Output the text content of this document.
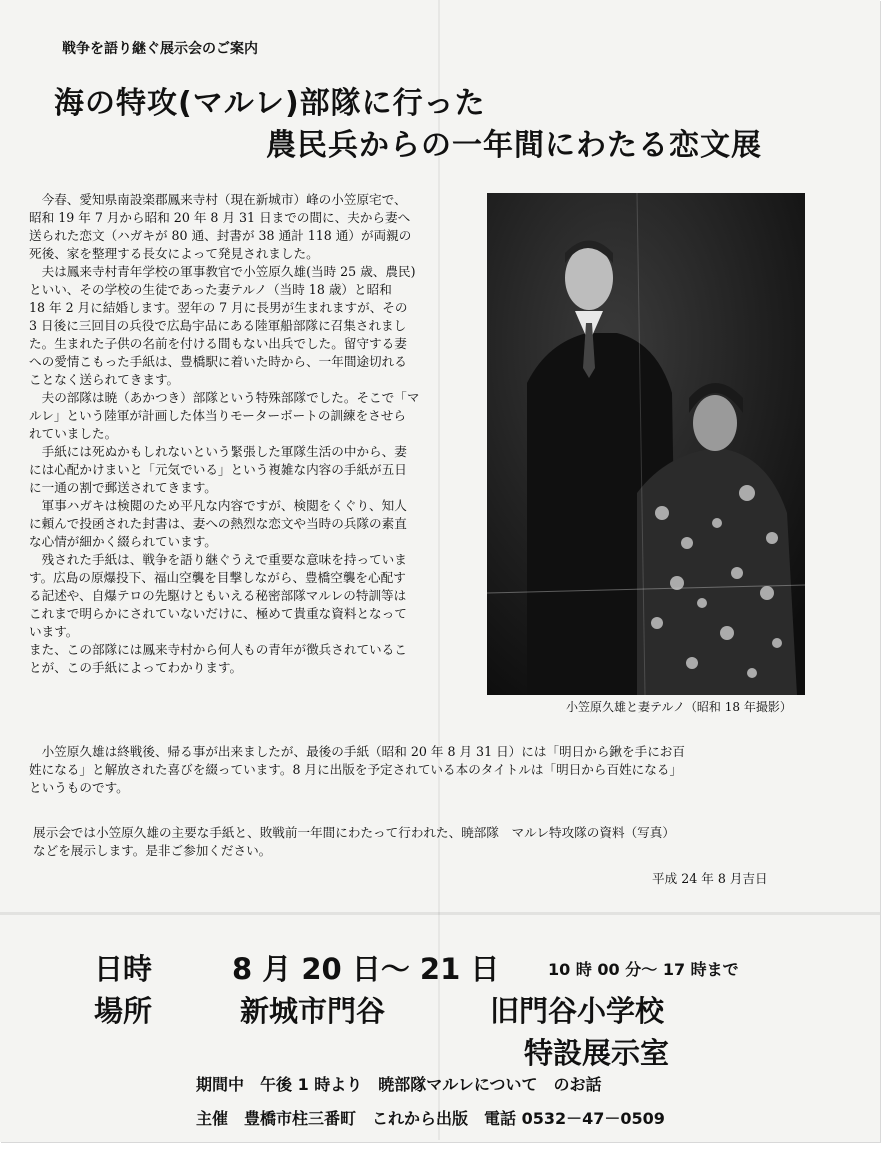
戦争を語り継ぐ展示会のご案内
海の特攻(マルレ)部隊に行った
農民兵からの一年間にわたる恋文展
　今春、愛知県南設楽郡鳳来寺村（現在新城市）峰の小笠原宅で、
昭和 19 年 7 月から昭和 20 年 8 月 31 日までの間に、夫から妻へ
送られた恋文（ハガキが 80 通、封書が 38 通計 118 通）が両親の
死後、家を整理する長女によって発見されました。
　夫は鳳来寺村青年学校の軍事教官で小笠原久雄(当時 25 歳、農民)
といい、その学校の生徒であった妻テルノ（当時 18 歳）と昭和
18 年 2 月に結婚します。翌年の 7 月に長男が生まれますが、その
3 日後に三回目の兵役で広島宇品にある陸軍船部隊に召集されまし
た。生まれた子供の名前を付ける間もない出兵でした。留守する妻
への愛情こもった手紙は、豊橋駅に着いた時から、一年間途切れる
ことなく送られてきます。
　夫の部隊は暁（あかつき）部隊という特殊部隊でした。そこで「マ
ルレ」という陸軍が計画した体当りモーターボートの訓練をさせら
れていました。
　手紙には死ぬかもしれないという緊張した軍隊生活の中から、妻
には心配かけまいと「元気でいる」という複雑な内容の手紙が五日
に一通の割で郵送されてきます。
　軍事ハガキは検閲のため平凡な内容ですが、検閲をくぐり、知人
に頼んで投函された封書は、妻への熱烈な恋文や当時の兵隊の素直
な心情が細かく綴られています。
　残された手紙は、戦争を語り継ぐうえで重要な意味を持っていま
す。広島の原爆投下、福山空襲を目撃しながら、豊橋空襲を心配す
る記述や、自爆テロの先駆けともいえる秘密部隊マルレの特訓等は
これまで明らかにされていないだけに、極めて貴重な資料となって
います。
また、この部隊には鳳来寺村から何人もの青年が徴兵されているこ
とが、この手紙によってわかります。
　小笠原久雄は終戦後、帰る事が出来ましたが、最後の手紙（昭和 20 年 8 月 31 日）には「明日から鍬を手にお百
姓になる」と解放された喜びを綴っています。8 月に出版を予定されている本のタイトルは「明日から百姓になる」
というものです。
展示会では小笠原久雄の主要な手紙と、敗戦前一年間にわたって行われた、暁部隊　マルレ特攻隊の資料（写真）
などを展示します。是非ご参加ください。
小笠原久雄と妻テルノ（昭和 18 年撮影）
平成 24 年 8 月吉日
日時	8 月 20 日〜 21 日	10 時 00 分〜 17 時まで
場所	新城市門谷	旧門谷小学校
特設展示室
期間中　午後 1 時より　暁部隊マルレについて　のお話
主催　豊橋市柱三番町　これから出版　電話 0532－47－0509
